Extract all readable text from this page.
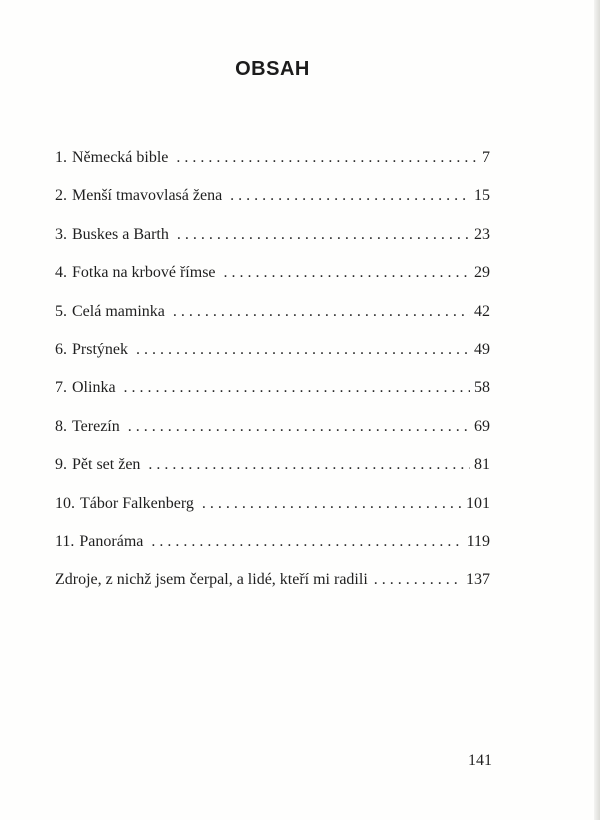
OBSAH
1. Německá bible . . .	7
2. Menší tmavovlasá žena . . .	15
3. Buskes a Barth . . .	23
4. Fotka na krbové římse . . .	29
5. Celá maminka . . .	42
6. Prstýnek . . .	49
7. Olinka . . .	58
8. Terezín . . .	69
9. Pět set žen . . .	81
10. Tábor Falkenberg . . .	101
11. Panoráma . . .	119
Zdroje, z nichž jsem čerpal, a lidé, kteří mi radili . . .	137
141
